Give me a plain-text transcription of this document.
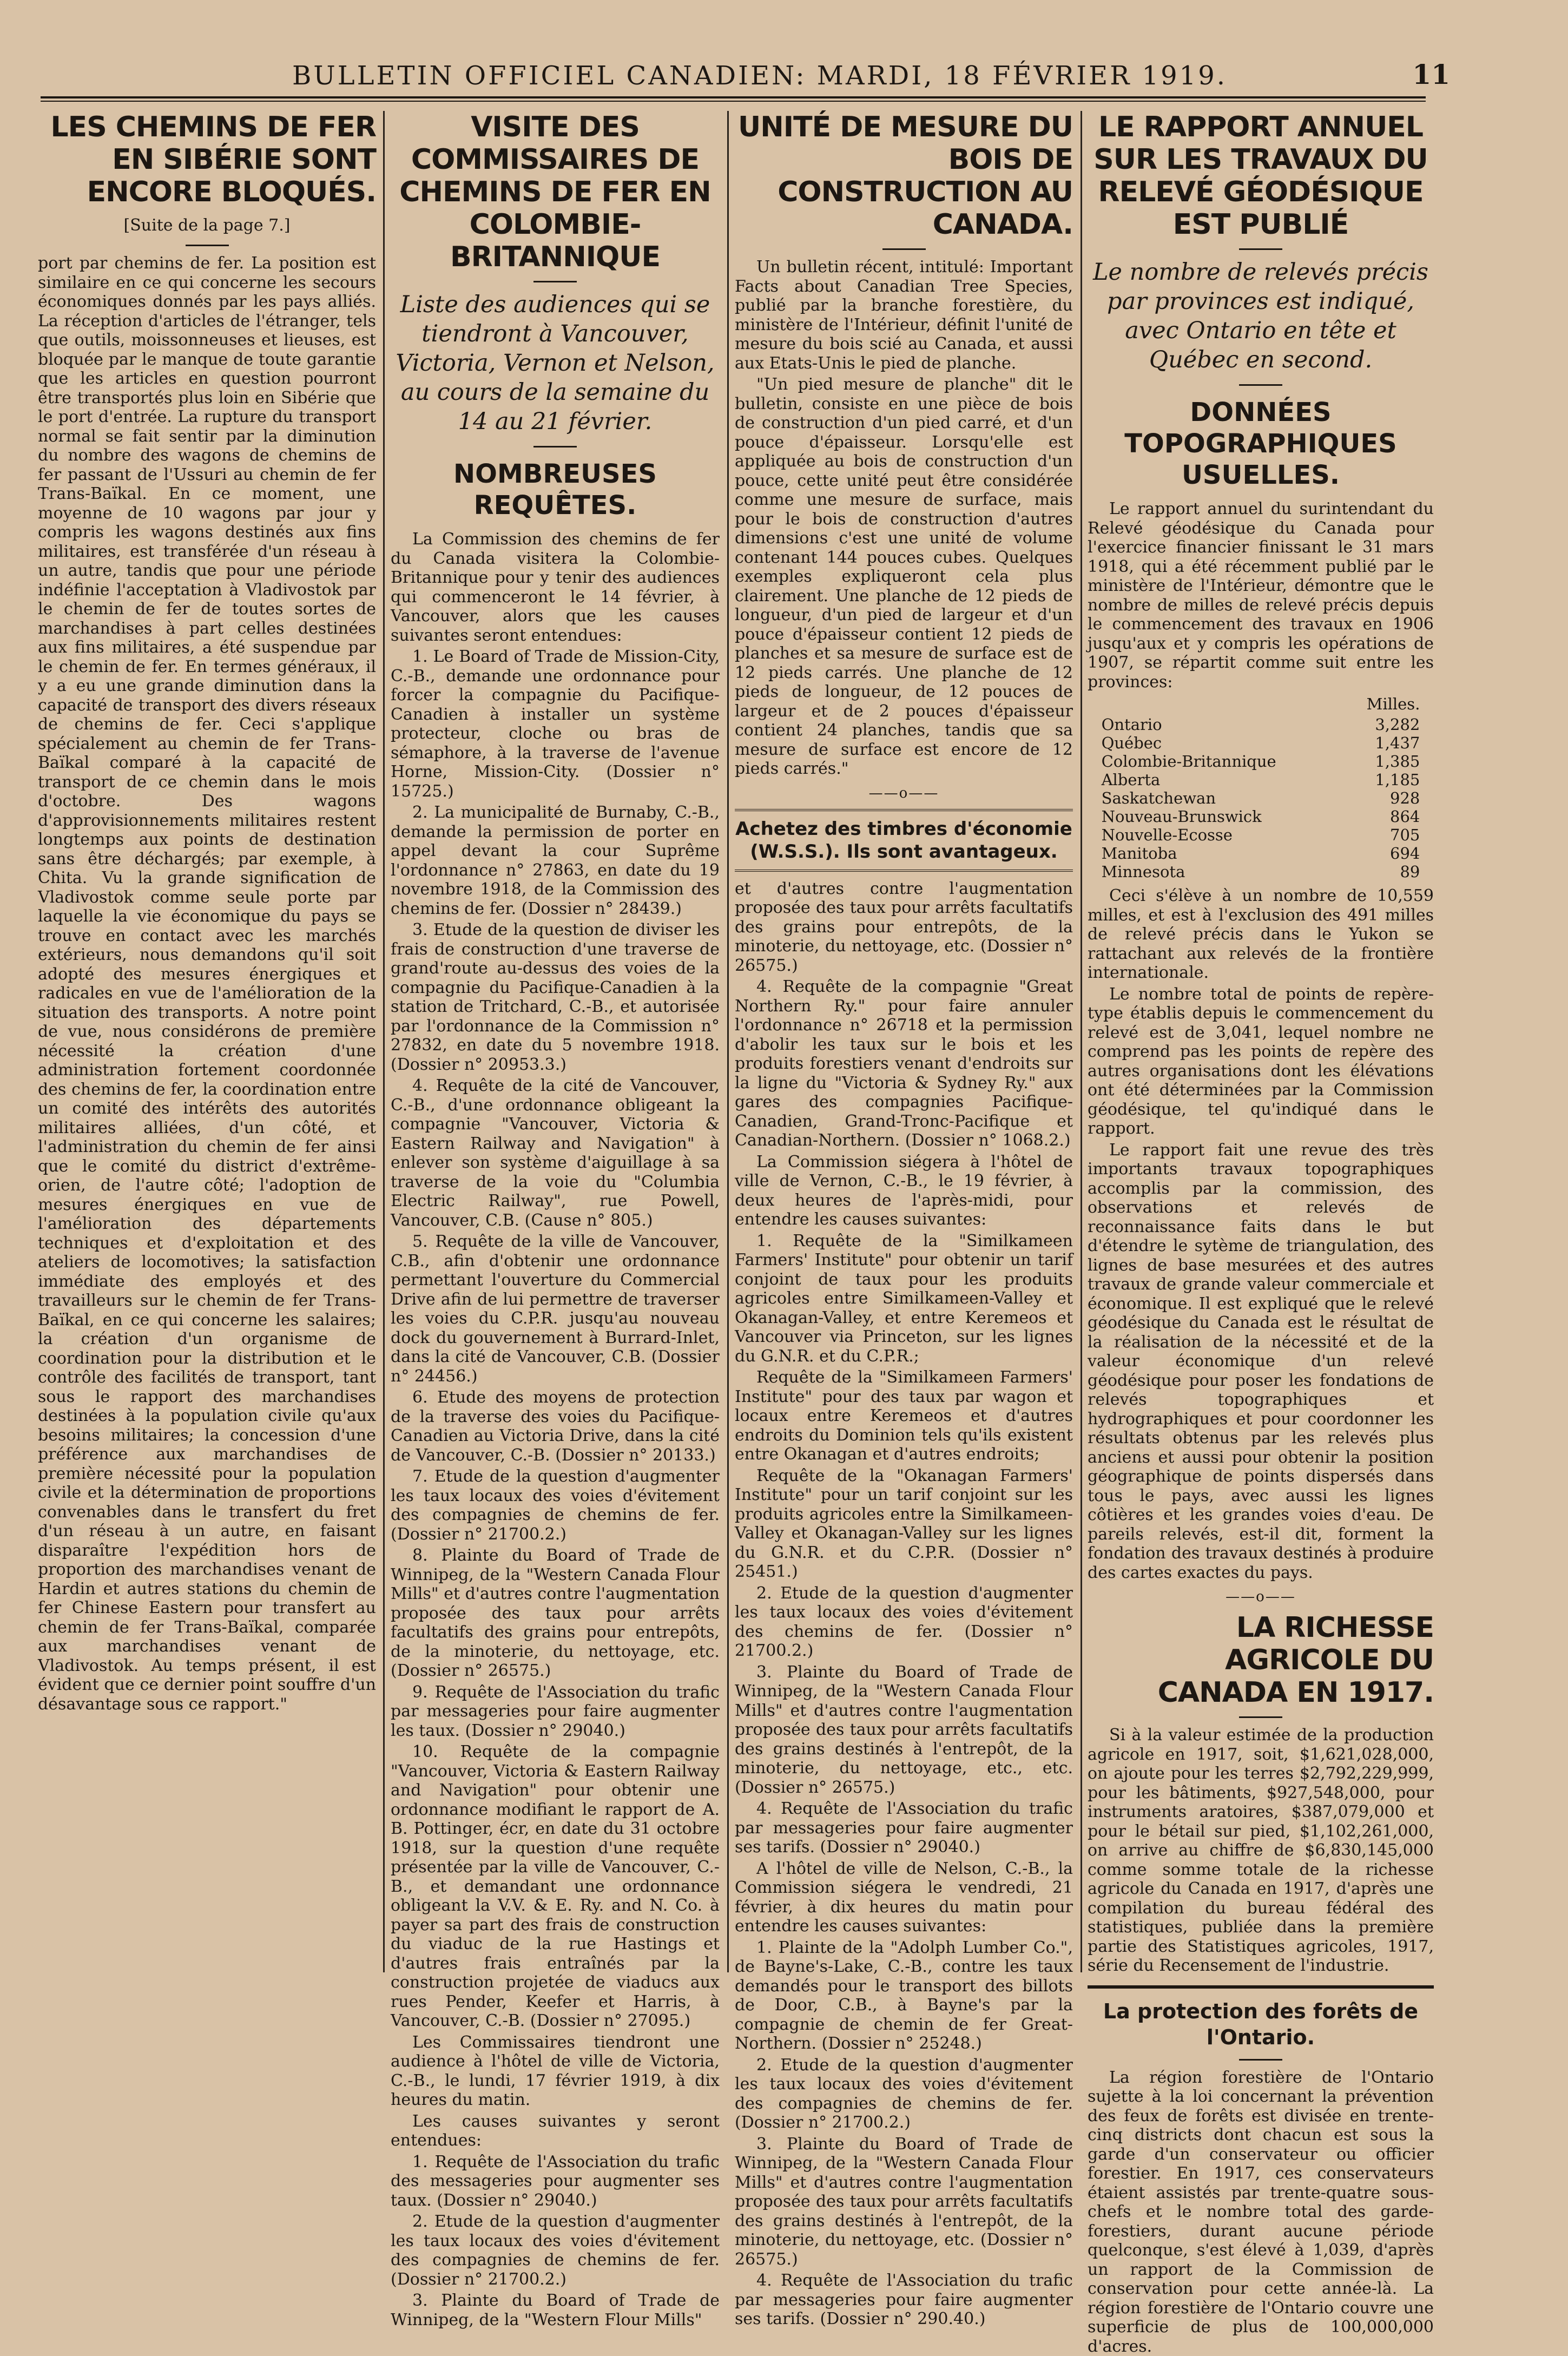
BULLETIN OFFICIEL CANADIEN: MARDI, 18 FÉVRIER 1919.	11
LES CHEMINS DE FER EN SIBÉRIE SONT ENCORE BLOQUÉS.
[Suite de la page 7.]

port par chemins de fer. La position est similaire en ce qui concerne les secours économiques donnés par les pays alliés. La réception d'articles de l'étranger, tels que outils, moissonneuses et lieuses, est bloquée par le manque de toute garantie que les articles en question pourront être transportés plus loin en Sibérie que le port d'entrée. La rupture du transport normal se fait sentir par la diminution du nombre des wagons de chemins de fer passant de l'Ussuri au chemin de fer Trans-Baïkal. En ce moment, une moyenne de 10 wagons par jour y compris les wagons destinés aux fins militaires, est transférée d'un réseau à un autre, tandis que pour une période indéfinie l'acceptation à Vladivostok par le chemin de fer de toutes sortes de marchandises à part celles destinées aux fins militaires, a été suspendue par le chemin de fer. En termes généraux, il y a eu une grande diminution dans la capacité de transport des divers réseaux de chemins de fer. Ceci s'applique spécialement au chemin de fer Trans-Baïkal comparé à la capacité de transport de ce chemin dans le mois d'octobre. Des wagons d'approvisionnements militaires restent longtemps aux points de destination sans être déchargés; par exemple, à Chita. Vu la grande signification de Vladivostok comme seule porte par laquelle la vie économique du pays se trouve en contact avec les marchés extérieurs, nous demandons qu'il soit adopté des mesures énergiques et radicales en vue de l'amélioration de la situation des transports. A notre point de vue, nous considérons de première nécessité la création d'une administration fortement coordonnée des chemins de fer, la coordination entre un comité des intérêts des autorités militaires alliées, d'un côté, et l'administration du chemin de fer ainsi que le comité du district d'extrême-orien, de l'autre côté; l'adoption de mesures énergiques en vue de l'amélioration des départements techniques et d'exploitation et des ateliers de locomotives; la satisfaction immédiate des employés et des travailleurs sur le chemin de fer Trans-Baïkal, en ce qui concerne les salaires; la création d'un organisme de coordination pour la distribution et le contrôle des facilités de transport, tant sous le rapport des marchandises destinées à la population civile qu'aux besoins militaires; la concession d'une préférence aux marchandises de première nécessité pour la population civile et la détermination de proportions convenables dans le transfert du fret d'un réseau à un autre, en faisant disparaître l'expédition hors de proportion des marchandises venant de Hardin et autres stations du chemin de fer Chinese Eastern pour transfert au chemin de fer Trans-Baïkal, comparée aux marchandises venant de Vladivostok. Au temps présent, il est évident que ce dernier point souffre d'un désavantage sous ce rapport."

VISITE DES COMMISSAIRES DE CHEMINS DE FER EN COLOMBIE-BRITANNIQUE
Liste des audiences qui se tiendront à Vancouver, Victoria, Vernon et Nelson, au cours de la semaine du 14 au 21 février.
NOMBREUSES REQUÊTES.

La Commission des chemins de fer du Canada visitera la Colombie-Britannique pour y tenir des audiences qui commenceront le 14 février, à Vancouver, alors que les causes suivantes seront entendues:

1. Le Board of Trade de Mission-City, C.-B., demande une ordonnance pour forcer la compagnie du Pacifique-Canadien à installer un système protecteur, cloche ou bras de sémaphore, à la traverse de l'avenue Horne, Mission-City. (Dossier n° 15725.)

2. La municipalité de Burnaby, C.-B., demande la permission de porter en appel devant la cour Suprême l'ordonnance n° 27863, en date du 19 novembre 1918, de la Commission des chemins de fer. (Dossier n° 28439.)

3. Etude de la question de diviser les frais de construction d'une traverse de grand'route au-dessus des voies de la compagnie du Pacifique-Canadien à la station de Tritchard, C.-B., et autorisée par l'ordonnance de la Commission n° 27832, en date du 5 novembre 1918. (Dossier n° 20953.3.)

4. Requête de la cité de Vancouver, C.-B., d'une ordonnance obligeant la compagnie "Vancouver, Victoria & Eastern Railway and Navigation" à enlever son système d'aiguillage à sa traverse de la voie du "Columbia Electric Railway", rue Powell, Vancouver, C.B. (Cause n° 805.)

5. Requête de la ville de Vancouver, C.B., afin d'obtenir une ordonnance permettant l'ouverture du Commercial Drive afin de lui permettre de traverser les voies du C.P.R. jusqu'au nouveau dock du gouvernement à Burrard-Inlet, dans la cité de Vancouver, C.B. (Dossier n° 24456.)

6. Etude des moyens de protection de la traverse des voies du Pacifique-Canadien au Victoria Drive, dans la cité de Vancouver, C.-B. (Dossier n° 20133.)

7. Etude de la question d'augmenter les taux locaux des voies d'évitement des compagnies de chemins de fer. (Dossier n° 21700.2.)

8. Plainte du Board of Trade de Winnipeg, de la "Western Canada Flour Mills" et d'autres contre l'augmentation proposée des taux pour arrêts facultatifs des grains pour entrepôts, de la minoterie, du nettoyage, etc. (Dossier n° 26575.)

9. Requête de l'Association du trafic par messageries pour faire augmenter les taux. (Dossier n° 29040.)

10. Requête de la compagnie "Vancouver, Victoria & Eastern Railway and Navigation" pour obtenir une ordonnance modifiant le rapport de A. B. Pottinger, écr, en date du 31 octobre 1918, sur la question d'une requête présentée par la ville de Vancouver, C.-B., et demandant une ordonnance obligeant la V.V. & E. Ry. and N. Co. à payer sa part des frais de construction du viaduc de la rue Hastings et d'autres frais entraînés par la construction projetée de viaducs aux rues Pender, Keefer et Harris, à Vancouver, C.-B. (Dossier n° 27095.)

Les Commissaires tiendront une audience à l'hôtel de ville de Victoria, C.-B., le lundi, 17 février 1919, à dix heures du matin.

Les causes suivantes y seront entendues:

1. Requête de l'Association du trafic des messageries pour augmenter ses taux. (Dossier n° 29040.)

2. Etude de la question d'augmenter les taux locaux des voies d'évitement des compagnies de chemins de fer. (Dossier n° 21700.2.)

3. Plainte du Board of Trade de Winnipeg, de la "Western Flour Mills"

UNITÉ DE MESURE DU BOIS DE CONSTRUCTION AU CANADA.

Un bulletin récent, intitulé: Important Facts about Canadian Tree Species, publié par la branche forestière, du ministère de l'Intérieur, définit l'unité de mesure du bois scié au Canada, et aussi aux Etats-Unis le pied de planche.

"Un pied mesure de planche" dit le bulletin, consiste en une pièce de bois de construction d'un pied carré, et d'un pouce d'épaisseur. Lorsqu'elle est appliquée au bois de construction d'un pouce, cette unité peut être considérée comme une mesure de surface, mais pour le bois de construction d'autres dimensions c'est une unité de volume contenant 144 pouces cubes. Quelques exemples expliqueront cela plus clairement. Une planche de 12 pieds de longueur, d'un pied de largeur et d'un pouce d'épaisseur contient 12 pieds de planches et sa mesure de surface est de 12 pieds carrés. Une planche de 12 pieds de longueur, de 12 pouces de largeur et de 2 pouces d'épaisseur contient 24 planches, tandis que sa mesure de surface est encore de 12 pieds carrés."

——o——
Achetez des timbres d'économie (W.S.S.). Ils sont avantageux.

et d'autres contre l'augmentation proposée des taux pour arrêts facultatifs des grains pour entrepôts, de la minoterie, du nettoyage, etc. (Dossier n° 26575.)

4. Requête de la compagnie "Great Northern Ry." pour faire annuler l'ordonnance n° 26718 et la permission d'abolir les taux sur le bois et les produits forestiers venant d'endroits sur la ligne du "Victoria & Sydney Ry." aux gares des compagnies Pacifique-Canadien, Grand-Tronc-Pacifique et Canadian-Northern. (Dossier n° 1068.2.)

La Commission siégera à l'hôtel de ville de Vernon, C.-B., le 19 février, à deux heures de l'après-midi, pour entendre les causes suivantes:

1. Requête de la "Similkameen Farmers' Institute" pour obtenir un tarif conjoint de taux pour les produits agricoles entre Similkameen-Valley et Okanagan-Valley, et entre Keremeos et Vancouver via Princeton, sur les lignes du G.N.R. et du C.P.R.;

Requête de la "Similkameen Farmers' Institute" pour des taux par wagon et locaux entre Keremeos et d'autres endroits du Dominion tels qu'ils existent entre Okanagan et d'autres endroits;

Requête de la "Okanagan Farmers' Institute" pour un tarif conjoint sur les produits agricoles entre la Similkameen-Valley et Okanagan-Valley sur les lignes du G.N.R. et du C.P.R. (Dossier n° 25451.)

2. Etude de la question d'augmenter les taux locaux des voies d'évitement des chemins de fer. (Dossier n° 21700.2.)

3. Plainte du Board of Trade de Winnipeg, de la "Western Canada Flour Mills" et d'autres contre l'augmentation proposée des taux pour arrêts facultatifs des grains destinés à l'entrepôt, de la minoterie, du nettoyage, etc., etc. (Dossier n° 26575.)

4. Requête de l'Association du trafic par messageries pour faire augmenter ses tarifs. (Dossier n° 29040.)

A l'hôtel de ville de Nelson, C.-B., la Commission siégera le vendredi, 21 février, à dix heures du matin pour entendre les causes suivantes:

1. Plainte de la "Adolph Lumber Co.", de Bayne's-Lake, C.-B., contre les taux demandés pour le transport des billots de Door, C.B., à Bayne's par la compagnie de chemin de fer Great-Northern. (Dossier n° 25248.)

2. Etude de la question d'augmenter les taux locaux des voies d'évitement des compagnies de chemins de fer. (Dossier n° 21700.2.)

3. Plainte du Board of Trade de Winnipeg, de la "Western Canada Flour Mills" et d'autres contre l'augmentation proposée des taux pour arrêts facultatifs des grains destinés à l'entrepôt, de la minoterie, du nettoyage, etc. (Dossier n° 26575.)

4. Requête de l'Association du trafic par messageries pour faire augmenter ses tarifs. (Dossier n° 290.40.)

LE RAPPORT ANNUEL SUR LES TRAVAUX DU RELEVÉ GÉODÉSIQUE EST PUBLIÉ
Le nombre de relevés précis par provinces est indiqué, avec Ontario en tête et Québec en second.
DONNÉES TOPOGRAPHIQUES USUELLES.

Le rapport annuel du surintendant du Relevé géodésique du Canada pour l'exercice financier finissant le 31 mars 1918, qui a été récemment publié par le ministère de l'Intérieur, démontre que le nombre de milles de relevé précis depuis le commencement des travaux en 1906 jusqu'aux et y compris les opérations de 1907, se répartit comme suit entre les provinces:

Milles.
Ontario	3,282
Québec	1,437
Colombie-Britannique	1,385
Alberta	1,185
Saskatchewan	928
Nouveau-Brunswick	864
Nouvelle-Ecosse	705
Manitoba	694
Minnesota	89

Ceci s'élève à un nombre de 10,559 milles, et est à l'exclusion des 491 milles de relevé précis dans le Yukon se rattachant aux relevés de la frontière internationale.

Le nombre total de points de repère-type établis depuis le commencement du relevé est de 3,041, lequel nombre ne comprend pas les points de repère des autres organisations dont les élévations ont été déterminées par la Commission géodésique, tel qu'indiqué dans le rapport.

Le rapport fait une revue des très importants travaux topographiques accomplis par la commission, des observations et relevés de reconnaissance faits dans le but d'étendre le sytème de triangulation, des lignes de base mesurées et des autres travaux de grande valeur commerciale et économique. Il est expliqué que le relevé géodésique du Canada est le résultat de la réalisation de la nécessité et de la valeur économique d'un relevé géodésique pour poser les fondations de relevés topographiques et hydrographiques et pour coordonner les résultats obtenus par les relevés plus anciens et aussi pour obtenir la position géographique de points dispersés dans tous le pays, avec aussi les lignes côtières et les grandes voies d'eau. De pareils relevés, est-il dit, forment la fondation des travaux destinés à produire des cartes exactes du pays.

——o——
LA RICHESSE AGRICOLE DU CANADA EN 1917.

Si à la valeur estimée de la production agricole en 1917, soit, $1,621,028,000, on ajoute pour les terres $2,792,229,999, pour les bâtiments, $927,548,000, pour instruments aratoires, $387,079,000 et pour le bétail sur pied, $1,102,261,000, on arrive au chiffre de $6,830,145,000 comme somme totale de la richesse agricole du Canada en 1917, d'après une compilation du bureau fédéral des statistiques, publiée dans la première partie des Statistiques agricoles, 1917, série du Recensement de l'industrie.

La protection des forêts de l'Ontario.

La région forestière de l'Ontario sujette à la loi concernant la prévention des feux de forêts est divisée en trente-cinq districts dont chacun est sous la garde d'un conservateur ou officier forestier. En 1917, ces conservateurs étaient assistés par trente-quatre sous-chefs et le nombre total des garde-forestiers, durant aucune période quelconque, s'est élevé à 1,039, d'après un rapport de la Commission de conservation pour cette année-là. La région forestière de l'Ontario couvre une superficie de plus de 100,000,000 d'acres.
